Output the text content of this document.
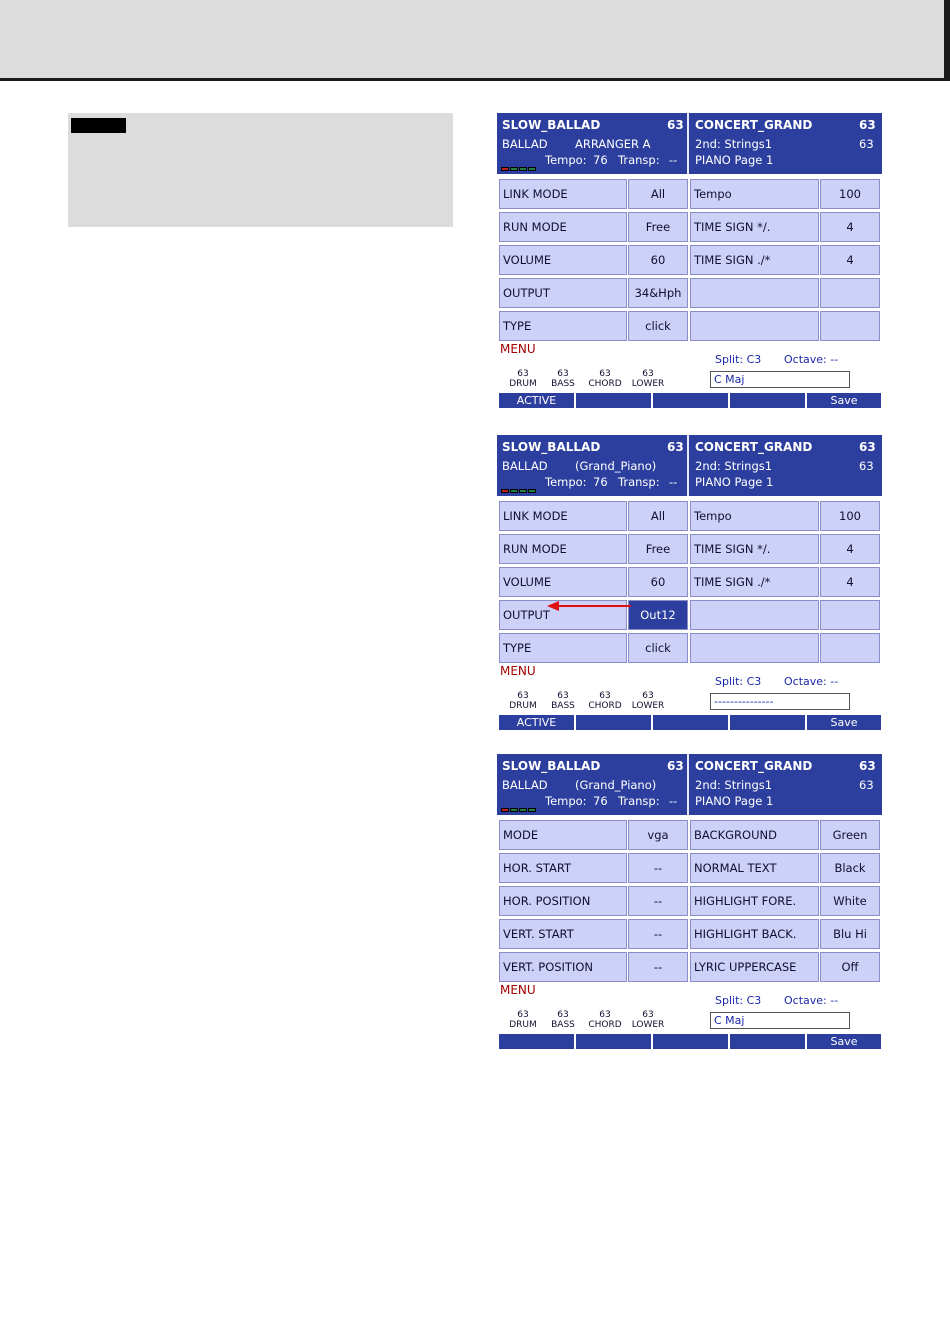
SLOW_BALLAD	63
BALLAD ARRANGER A
Tempo: 76 Transp: --
CONCERT_GRAND	63
2nd: Strings1	63
PIANO Page 1
LINK MODE	All	Tempo	100
RUN MODE	Free	TIME SIGN */.	4
VOLUME	60	TIME SIGN ./*	4
OUTPUT	34&Hph
TYPE	click
MENU
Split: C3 Octave: --
C Maj
63
DRUM
63
BASS
63
CHORD
63
LOWER
ACTIVE	Save
SLOW_BALLAD	63
BALLAD (Grand_Piano)
Tempo: 76 Transp: --
CONCERT_GRAND	63
2nd: Strings1	63
PIANO Page 1
LINK MODE	All	Tempo	100
RUN MODE	Free	TIME SIGN */.	4
VOLUME	60	TIME SIGN ./*	4
OUTPUT	Out12
TYPE	click
MENU
Split: C3 Octave: --
---------------
63
DRUM
63
BASS
63
CHORD
63
LOWER
ACTIVE	Save
SLOW_BALLAD	63
BALLAD (Grand_Piano)
Tempo: 76 Transp: --
CONCERT_GRAND	63
2nd: Strings1	63
PIANO Page 1
MODE	vga	BACKGROUND	Green
HOR. START	--	NORMAL TEXT	Black
HOR. POSITION	--	HIGHLIGHT FORE.	White
VERT. START	--	HIGHLIGHT BACK.	Blu Hi
VERT. POSITION	--	LYRIC UPPERCASE	Off
MENU
Split: C3 Octave: --
C Maj
63
DRUM
63
BASS
63
CHORD
63
LOWER
Save
